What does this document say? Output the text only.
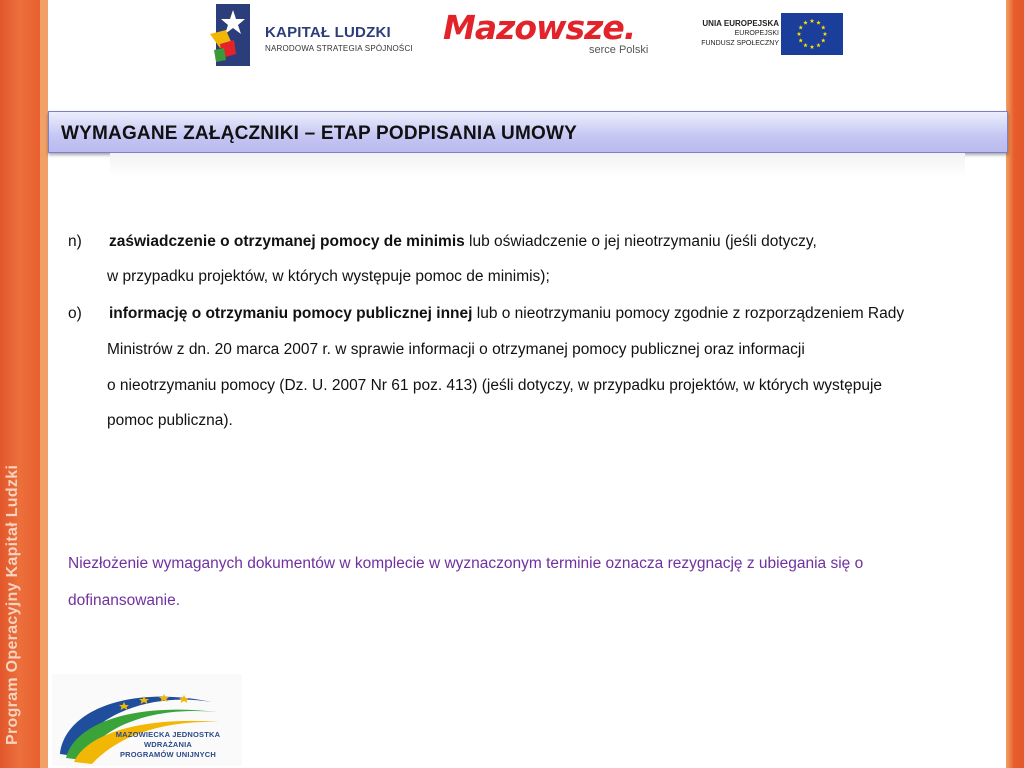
Program Operacyjny Kapitał Ludzki
KAPITAŁ LUDZKI
NARODOWA STRATEGIA SPÓJNOŚCI
Mazowsze.
serce Polski
UNIA EUROPEJSKA
EUROPEJSKI
FUNDUSZ SPOŁECZNY
WYMAGANE ZAŁĄCZNIKI – ETAP PODPISANIA UMOWY
n) zaświadczenie o otrzymanej pomocy de minimis lub oświadczenie o jej nieotrzymaniu (jeśli dotyczy,
w przypadku projektów, w których występuje pomoc de minimis);
o) informację o otrzymaniu pomocy publicznej innej lub o nieotrzymaniu pomocy zgodnie z rozporządzeniem Rady
Ministrów z dn. 20 marca 2007 r. w sprawie informacji o otrzymanej pomocy publicznej oraz informacji
o nieotrzymaniu pomocy (Dz. U. 2007 Nr 61 poz. 413) (jeśli dotyczy, w przypadku projektów, w których występuje
pomoc publiczna).
Niezłożenie wymaganych dokumentów w komplecie w wyznaczonym terminie oznacza rezygnację z ubiegania się o
dofinansowanie.
MAZOWIECKA JEDNOSTKA
WDRAŻANIA
PROGRAMÓW UNIJNYCH
